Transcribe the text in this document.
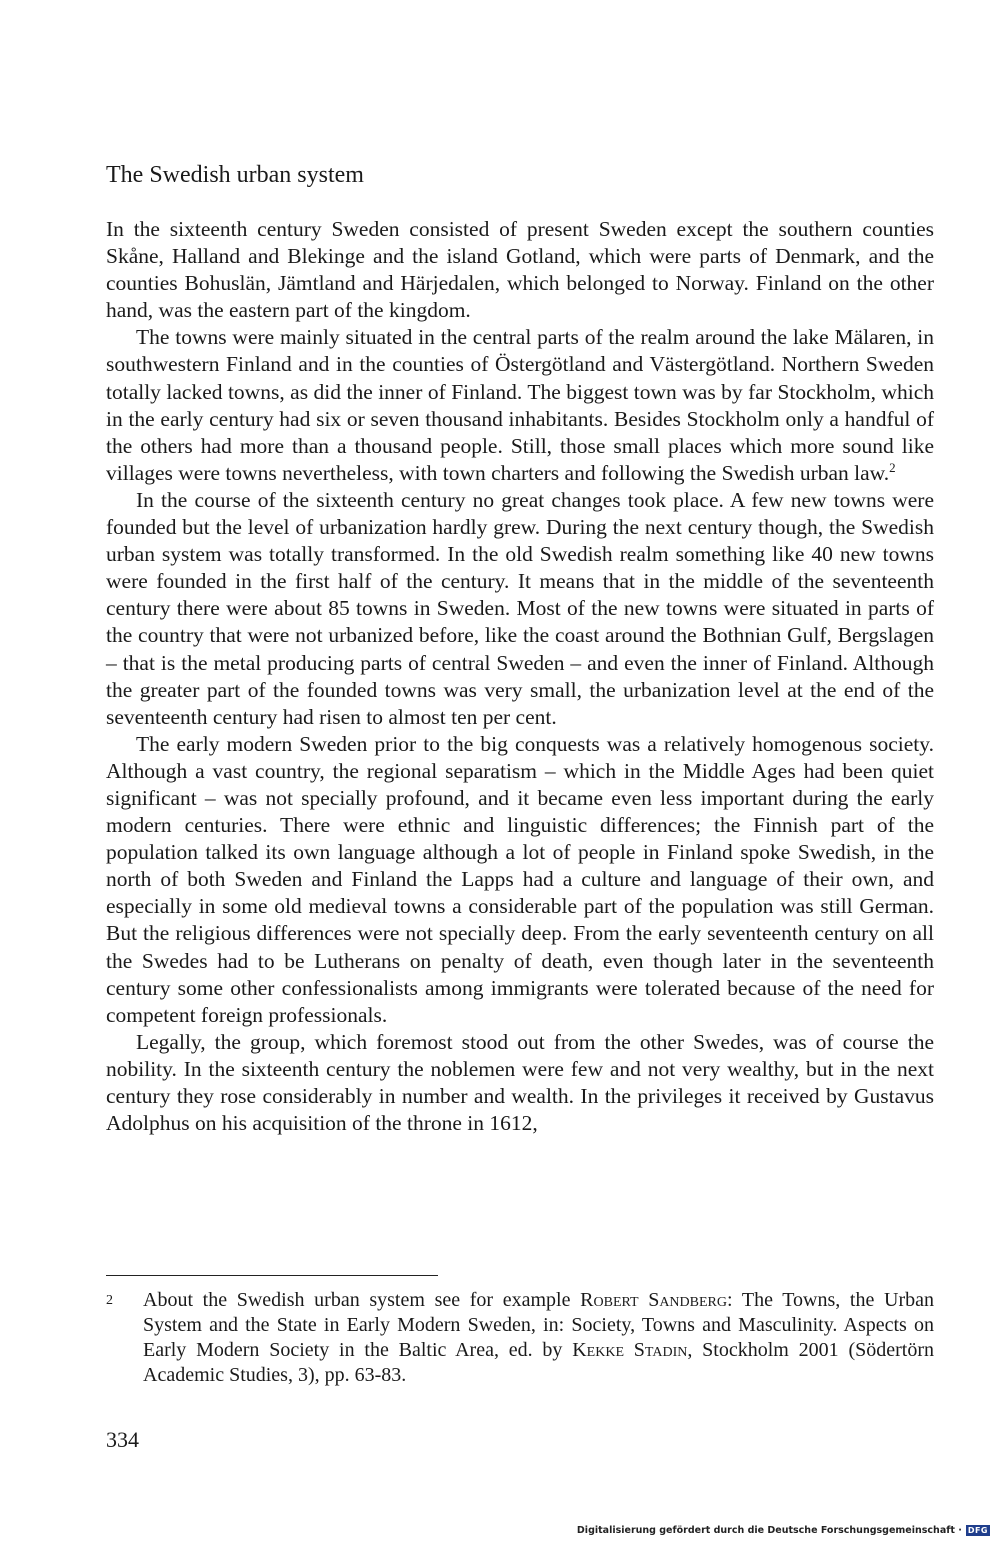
The Swedish urban system

In the sixteenth century Sweden consisted of present Sweden except the southern counties Skåne, Halland and Blekinge and the island Gotland, which were parts of Denmark, and the counties Bohuslän, Jämtland and Härjedalen, which belonged to Norway. Finland on the other hand, was the eastern part of the kingdom.

The towns were mainly situated in the central parts of the realm around the lake Mälaren, in southwestern Finland and in the counties of Östergötland and Västergötland. Northern Sweden totally lacked towns, as did the inner of Finland. The biggest town was by far Stockholm, which in the early century had six or seven thousand inhabitants. Besides Stockholm only a handful of the others had more than a thousand people. Still, those small places which more sound like villages were towns nevertheless, with town charters and following the Swedish urban law.$^2$

In the course of the sixteenth century no great changes took place. A few new towns were founded but the level of urbanization hardly grew. During the next century though, the Swedish urban system was totally transformed. In the old Swedish realm something like 40 new towns were founded in the first half of the century. It means that in the middle of the seventeenth century there were about 85 towns in Sweden. Most of the new towns were situated in parts of the country that were not urbanized before, like the coast around the Bothnian Gulf, Bergslagen – that is the metal producing parts of central Sweden – and even the inner of Finland. Although the greater part of the founded towns was very small, the urbanization level at the end of the seventeenth century had risen to almost ten per cent.

The early modern Sweden prior to the big conquests was a relatively homogenous society. Although a vast country, the regional separatism – which in the Middle Ages had been quiet significant – was not specially profound, and it became even less important during the early modern centuries. There were ethnic and linguistic differences; the Finnish part of the population talked its own language although a lot of people in Finland spoke Swedish, in the north of both Sweden and Finland the Lapps had a culture and language of their own, and especially in some old medieval towns a considerable part of the population was still German. But the religious differences were not specially deep. From the early seventeenth century on all the Swedes had to be Lutherans on penalty of death, even though later in the seventeenth century some other confessionalists among immigrants were tolerated because of the need for competent foreign professionals.

Legally, the group, which foremost stood out from the other Swedes, was of course the nobility. In the sixteenth century the noblemen were few and not very wealthy, but in the next century they rose considerably in number and wealth. In the privileges it received by Gustavus Adolphus on his acquisition of the throne in 1612,

2 About the Swedish urban system see for example Robert Sandberg: The Towns, the Urban System and the State in Early Modern Sweden, in: Society, Towns and Masculinity. Aspects on Early Modern Society in the Baltic Area, ed. by Kekke Stadin, Stockholm 2001 (Södertörn Academic Studies, 3), pp. 63-83.
334
Digitalisierung gefördert durch die Deutsche Forschungsgemeinschaft · DFG
